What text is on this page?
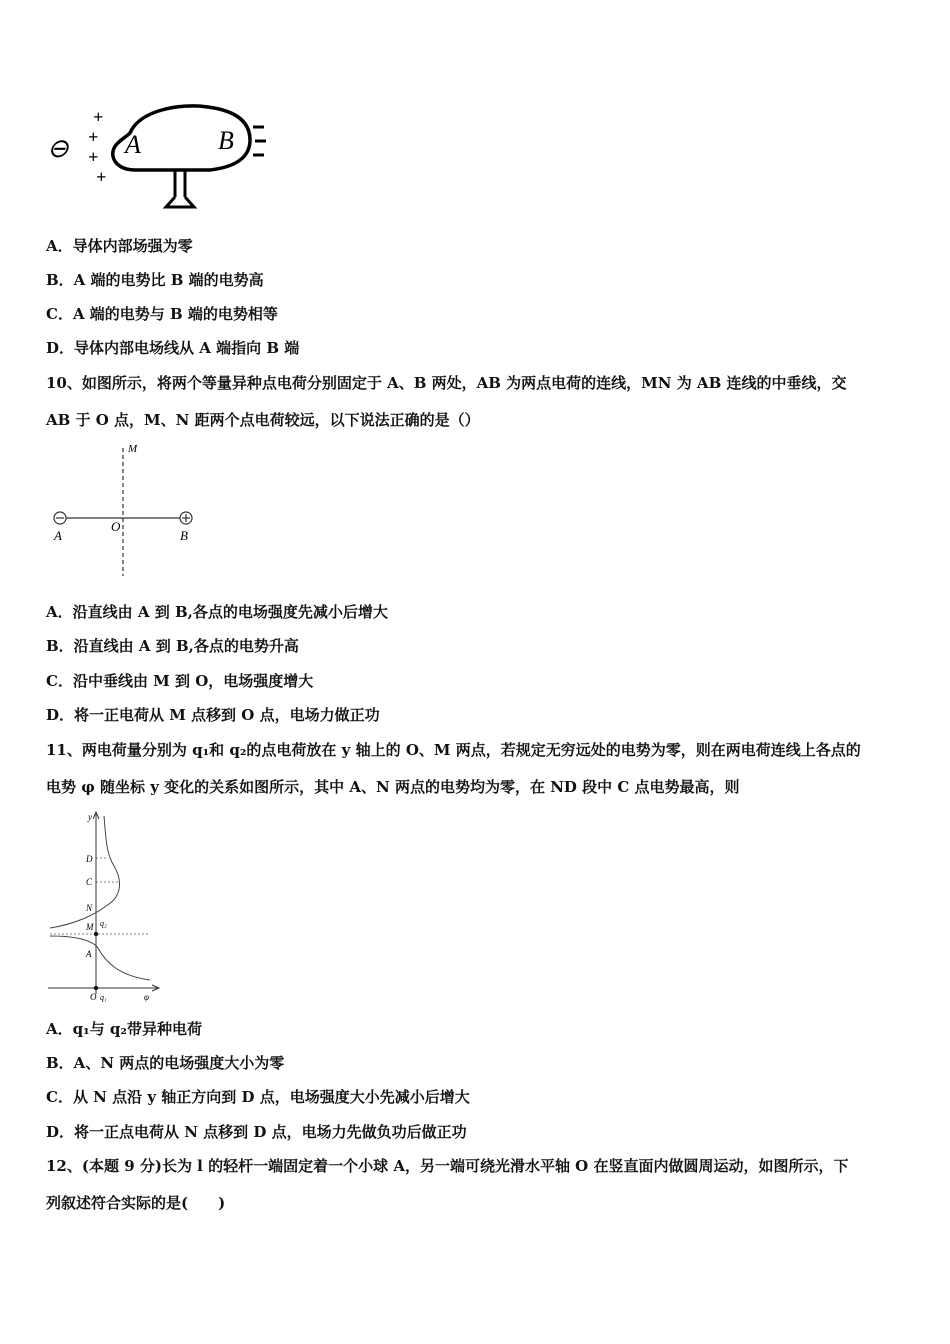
⊖
+
+
+
+
A	B
A．导体内部场强为零
B．A 端的电势比 B 端的电势高
C．A 端的电势与 B 端的电势相等
D．导体内部电场线从 A 端指向 B 端
10、如图所示，将两个等量异种点电荷分别固定于 A、B 两处，AB 为两点电荷的连线，MN 为 AB 连线的中垂线，交
AB 于 O 点，M、N 距两个点电荷较远，以下说法正确的是（）
M
O
A	B
A．沿直线由 A 到 B,各点的电场强度先减小后增大
B．沿直线由 A 到 B,各点的电势升高
C．沿中垂线由 M 到 O，电场强度增大
D．将一正电荷从 M 点移到 O 点，电场力做正功
11、两电荷量分别为 q₁和 q₂的点电荷放在 y 轴上的 O、M 两点，若规定无穷远处的电势为零，则在两电荷连线上各点的
电势 φ 随坐标 y 变化的关系如图所示，其中 A、N 两点的电势均为零，在 ND 段中 C 点电势最高，则
y
φ
D
C
N
q₂
M
A
O q₁
A．q₁与 q₂带异种电荷
B．A、N 两点的电场强度大小为零
C．从 N 点沿 y 轴正方向到 D 点，电场强度大小先减小后增大
D．将一正点电荷从 N 点移到 D 点，电场力先做负功后做正功
12、(本题 9 分)长为 l 的轻杆一端固定着一个小球 A，另一端可绕光滑水平轴 O 在竖直面内做圆周运动，如图所示，下
列叙述符合实际的是(　　)
